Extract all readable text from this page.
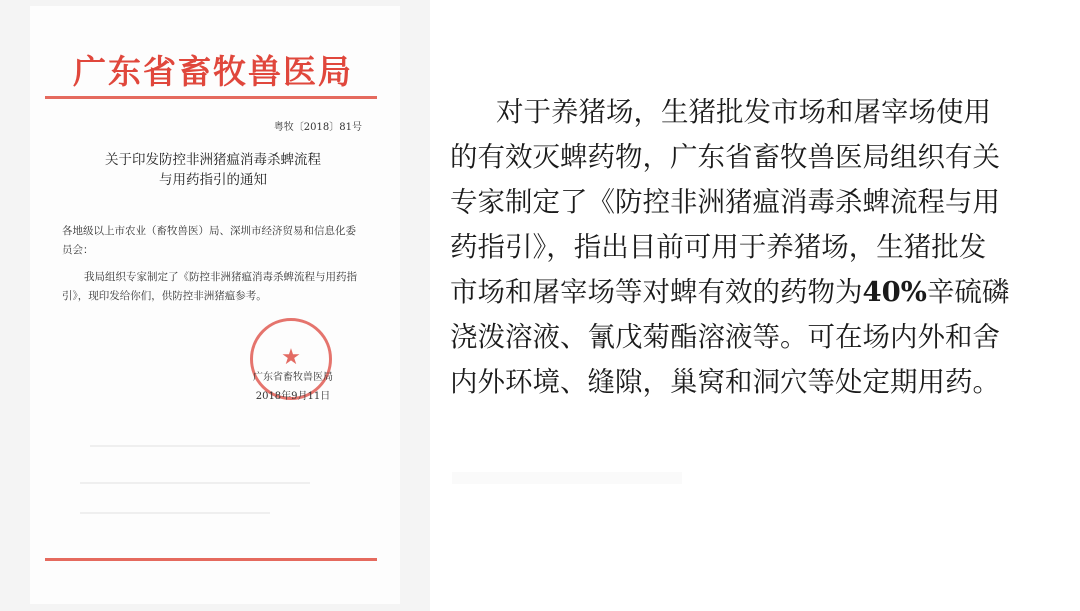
广东省畜牧兽医局
粤牧〔2018〕81号
关于印发防控非洲猪瘟消毒杀蜱流程
与用药指引的通知

各地级以上市农业（畜牧兽医）局、深圳市经济贸易和信息化委员会：

我局组织专家制定了《防控非洲猪瘟消毒杀蜱流程与用药指引》，现印发给你们，供防控非洲猪瘟参考。

★
广东省畜牧兽医局
2018年9月11日
对于养猪场，生猪批发市场和屠宰场使用
的有效灭蜱药物，广东省畜牧兽医局组织有关
专家制定了《防控非洲猪瘟消毒杀蜱流程与用
药指引》，指出目前可用于养猪场，生猪批发
市场和屠宰场等对蜱有效的药物为40%辛硫磷
浇泼溶液、氰戊菊酯溶液等。可在场内外和舍
内外环境、缝隙，巢窝和洞穴等处定期用药。
